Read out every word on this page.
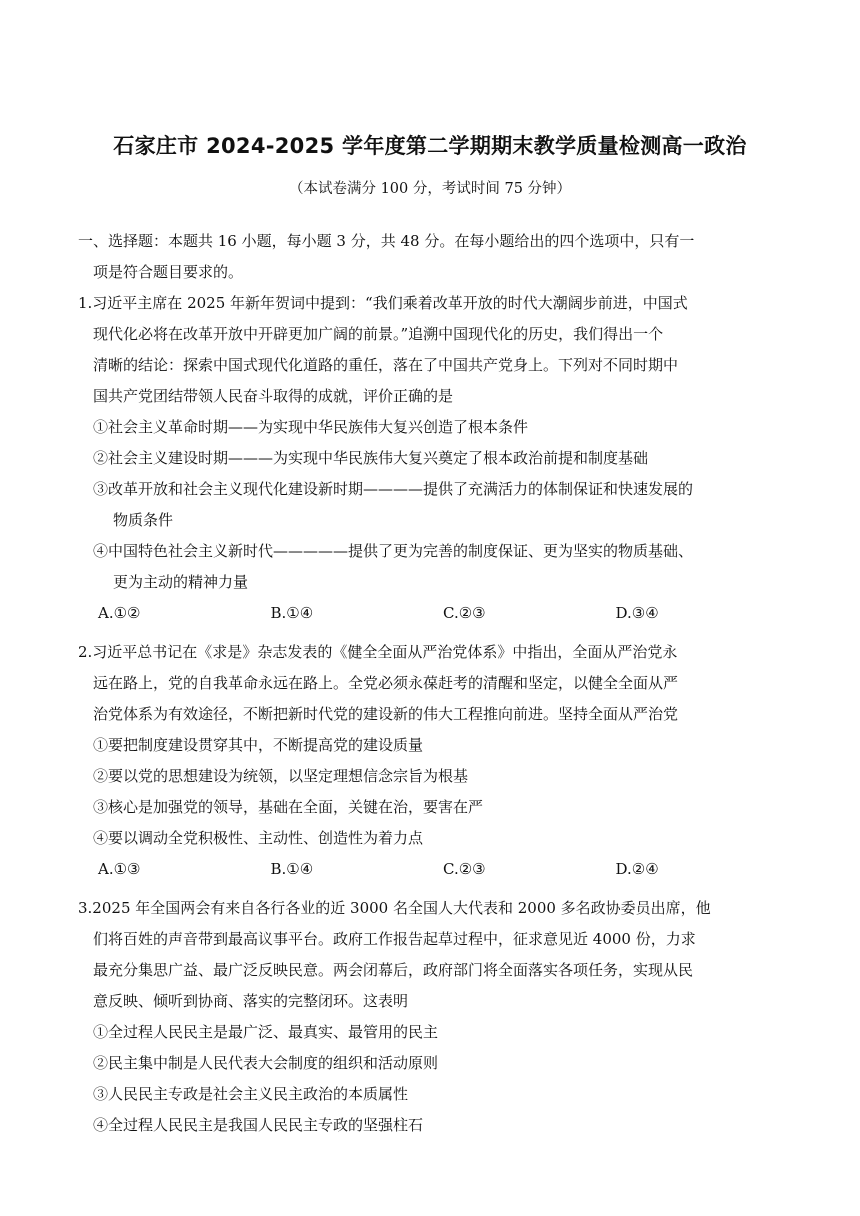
石家庄市 2024-2025 学年度第二学期期末教学质量检测高一政治
（本试卷满分 100 分，考试时间 75 分钟）
一、选择题：本题共 16 小题，每小题 3 分，共 48 分。在每小题给出的四个选项中，只有一
项是符合题目要求的。
1.习近平主席在 2025 年新年贺词中提到：“我们乘着改革开放的时代大潮阔步前进，中国式
现代化必将在改革开放中开辟更加广阔的前景。”追溯中国现代化的历史，我们得出一个
清晰的结论：探索中国式现代化道路的重任，落在了中国共产党身上。下列对不同时期中
国共产党团结带领人民奋斗取得的成就，评价正确的是
①社会主义革命时期——为实现中华民族伟大复兴创造了根本条件
②社会主义建设时期———为实现中华民族伟大复兴奠定了根本政治前提和制度基础
③改革开放和社会主义现代化建设新时期————提供了充满活力的体制保证和快速发展的
物质条件
④中国特色社会主义新时代—————提供了更为完善的制度保证、更为坚实的物质基础、
更为主动的精神力量
A.①②	B.①④	C.②③	D.③④
2.习近平总书记在《求是》杂志发表的《健全全面从严治党体系》中指出，全面从严治党永
远在路上，党的自我革命永远在路上。全党必须永葆赶考的清醒和坚定，以健全全面从严
治党体系为有效途径，不断把新时代党的建设新的伟大工程推向前进。坚持全面从严治党
①要把制度建设贯穿其中，不断提高党的建设质量
②要以党的思想建设为统领，以坚定理想信念宗旨为根基
③核心是加强党的领导，基础在全面，关键在治，要害在严
④要以调动全党积极性、主动性、创造性为着力点
A.①③	B.①④	C.②③	D.②④
3.2025 年全国两会有来自各行各业的近 3000 名全国人大代表和 2000 多名政协委员出席，他
们将百姓的声音带到最高议事平台。政府工作报告起草过程中，征求意见近 4000 份，力求
最充分集思广益、最广泛反映民意。两会闭幕后，政府部门将全面落实各项任务，实现从民
意反映、倾听到协商、落实的完整闭环。这表明
①全过程人民民主是最广泛、最真实、最管用的民主
②民主集中制是人民代表大会制度的组织和活动原则
③人民民主专政是社会主义民主政治的本质属性
④全过程人民民主是我国人民民主专政的坚强柱石
